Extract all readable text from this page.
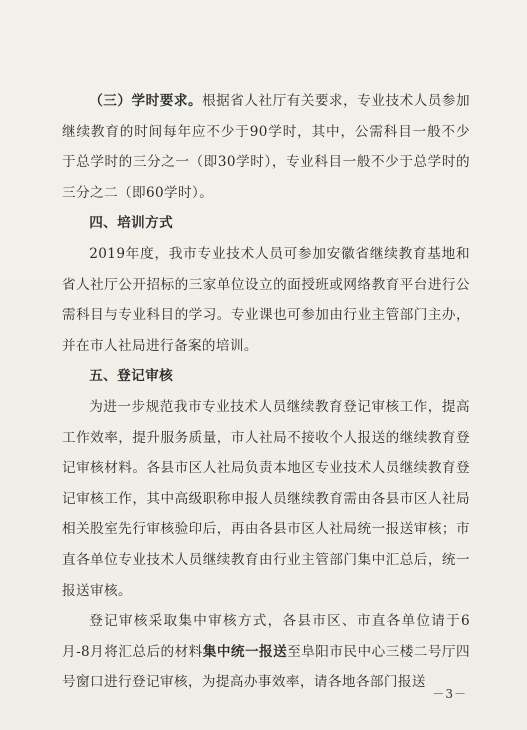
（三）学时要求。根据省人社厅有关要求，专业技术人员参加继续教育的时间每年应不少于90学时，其中，公需科目一般不少于总学时的三分之一（即30学时），专业科目一般不少于总学时的三分之二（即60学时）。

四、培训方式

2019年度，我市专业技术人员可参加安徽省继续教育基地和省人社厅公开招标的三家单位设立的面授班或网络教育平台进行公需科目与专业科目的学习。专业课也可参加由行业主管部门主办，并在市人社局进行备案的培训。

五、登记审核

为进一步规范我市专业技术人员继续教育登记审核工作，提高工作效率，提升服务质量，市人社局不接收个人报送的继续教育登记审核材料。各县市区人社局负责本地区专业技术人员继续教育登记审核工作，其中高级职称申报人员继续教育需由各县市区人社局相关股室先行审核验印后，再由各县市区人社局统一报送审核；市直各单位专业技术人员继续教育由行业主管部门集中汇总后，统一报送审核。

登记审核采取集中审核方式，各县市区、市直各单位请于6月-8月将汇总后的材料集中统一报送至阜阳市民中心三楼二号厅四号窗口进行登记审核，为提高办事效率，请各地各部门报送

－3－
